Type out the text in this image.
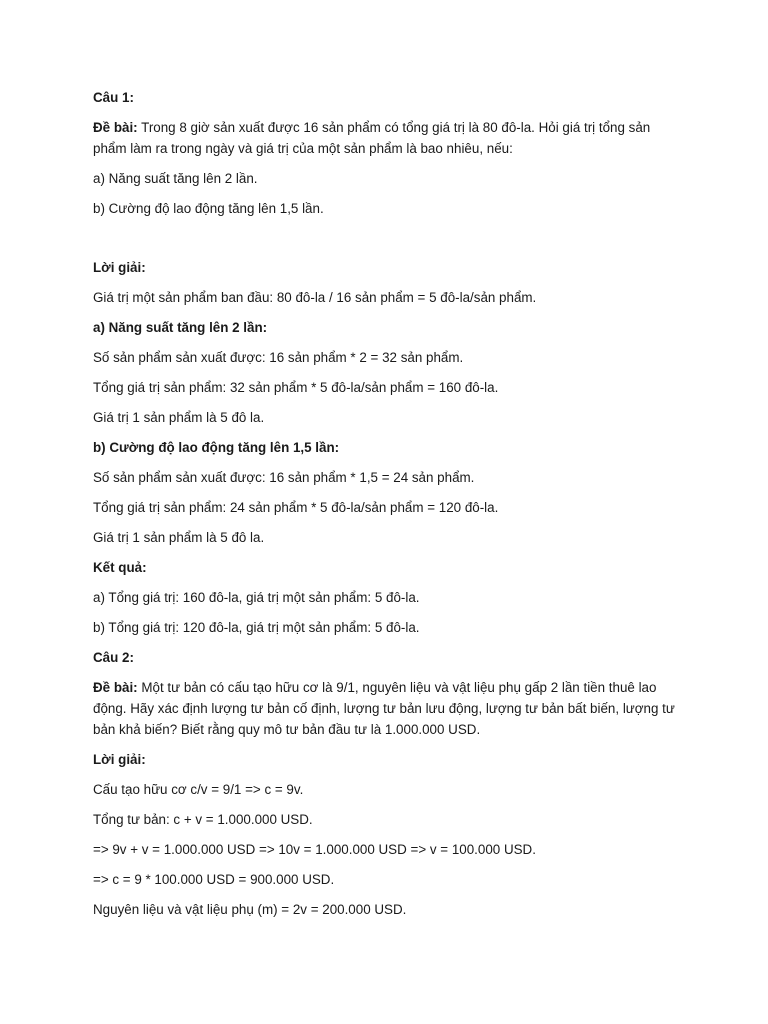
Câu 1:

Đề bài: Trong 8 giờ sản xuất được 16 sản phẩm có tổng giá trị là 80 đô-la. Hỏi giá trị tổng sản phẩm làm ra trong ngày và giá trị của một sản phẩm là bao nhiêu, nếu:

a) Năng suất tăng lên 2 lần.

b) Cường độ lao động tăng lên 1,5 lần.

Lời giải:

Giá trị một sản phẩm ban đầu: 80 đô-la / 16 sản phẩm = 5 đô-la/sản phẩm.

a) Năng suất tăng lên 2 lần:

Số sản phẩm sản xuất được: 16 sản phẩm * 2 = 32 sản phẩm.

Tổng giá trị sản phẩm: 32 sản phẩm * 5 đô-la/sản phẩm = 160 đô-la.

Giá trị 1 sản phẩm là 5 đô la.

b) Cường độ lao động tăng lên 1,5 lần:

Số sản phẩm sản xuất được: 16 sản phẩm * 1,5 = 24 sản phẩm.

Tổng giá trị sản phẩm: 24 sản phẩm * 5 đô-la/sản phẩm = 120 đô-la.

Giá trị 1 sản phẩm là 5 đô la.

Kết quả:

a) Tổng giá trị: 160 đô-la, giá trị một sản phẩm: 5 đô-la.

b) Tổng giá trị: 120 đô-la, giá trị một sản phẩm: 5 đô-la.

Câu 2:

Đề bài: Một tư bản có cấu tạo hữu cơ là 9/1, nguyên liệu và vật liệu phụ gấp 2 lần tiền thuê lao động. Hãy xác định lượng tư bản cố định, lượng tư bản lưu động, lượng tư bản bất biến, lượng tư bản khả biến? Biết rằng quy mô tư bản đầu tư là 1.000.000 USD.

Lời giải:

Cấu tạo hữu cơ c/v = 9/1 => c = 9v.

Tổng tư bản: c + v = 1.000.000 USD.

=> 9v + v = 1.000.000 USD => 10v = 1.000.000 USD => v = 100.000 USD.

=> c = 9 * 100.000 USD = 900.000 USD.

Nguyên liệu và vật liệu phụ (m) = 2v = 200.000 USD.
